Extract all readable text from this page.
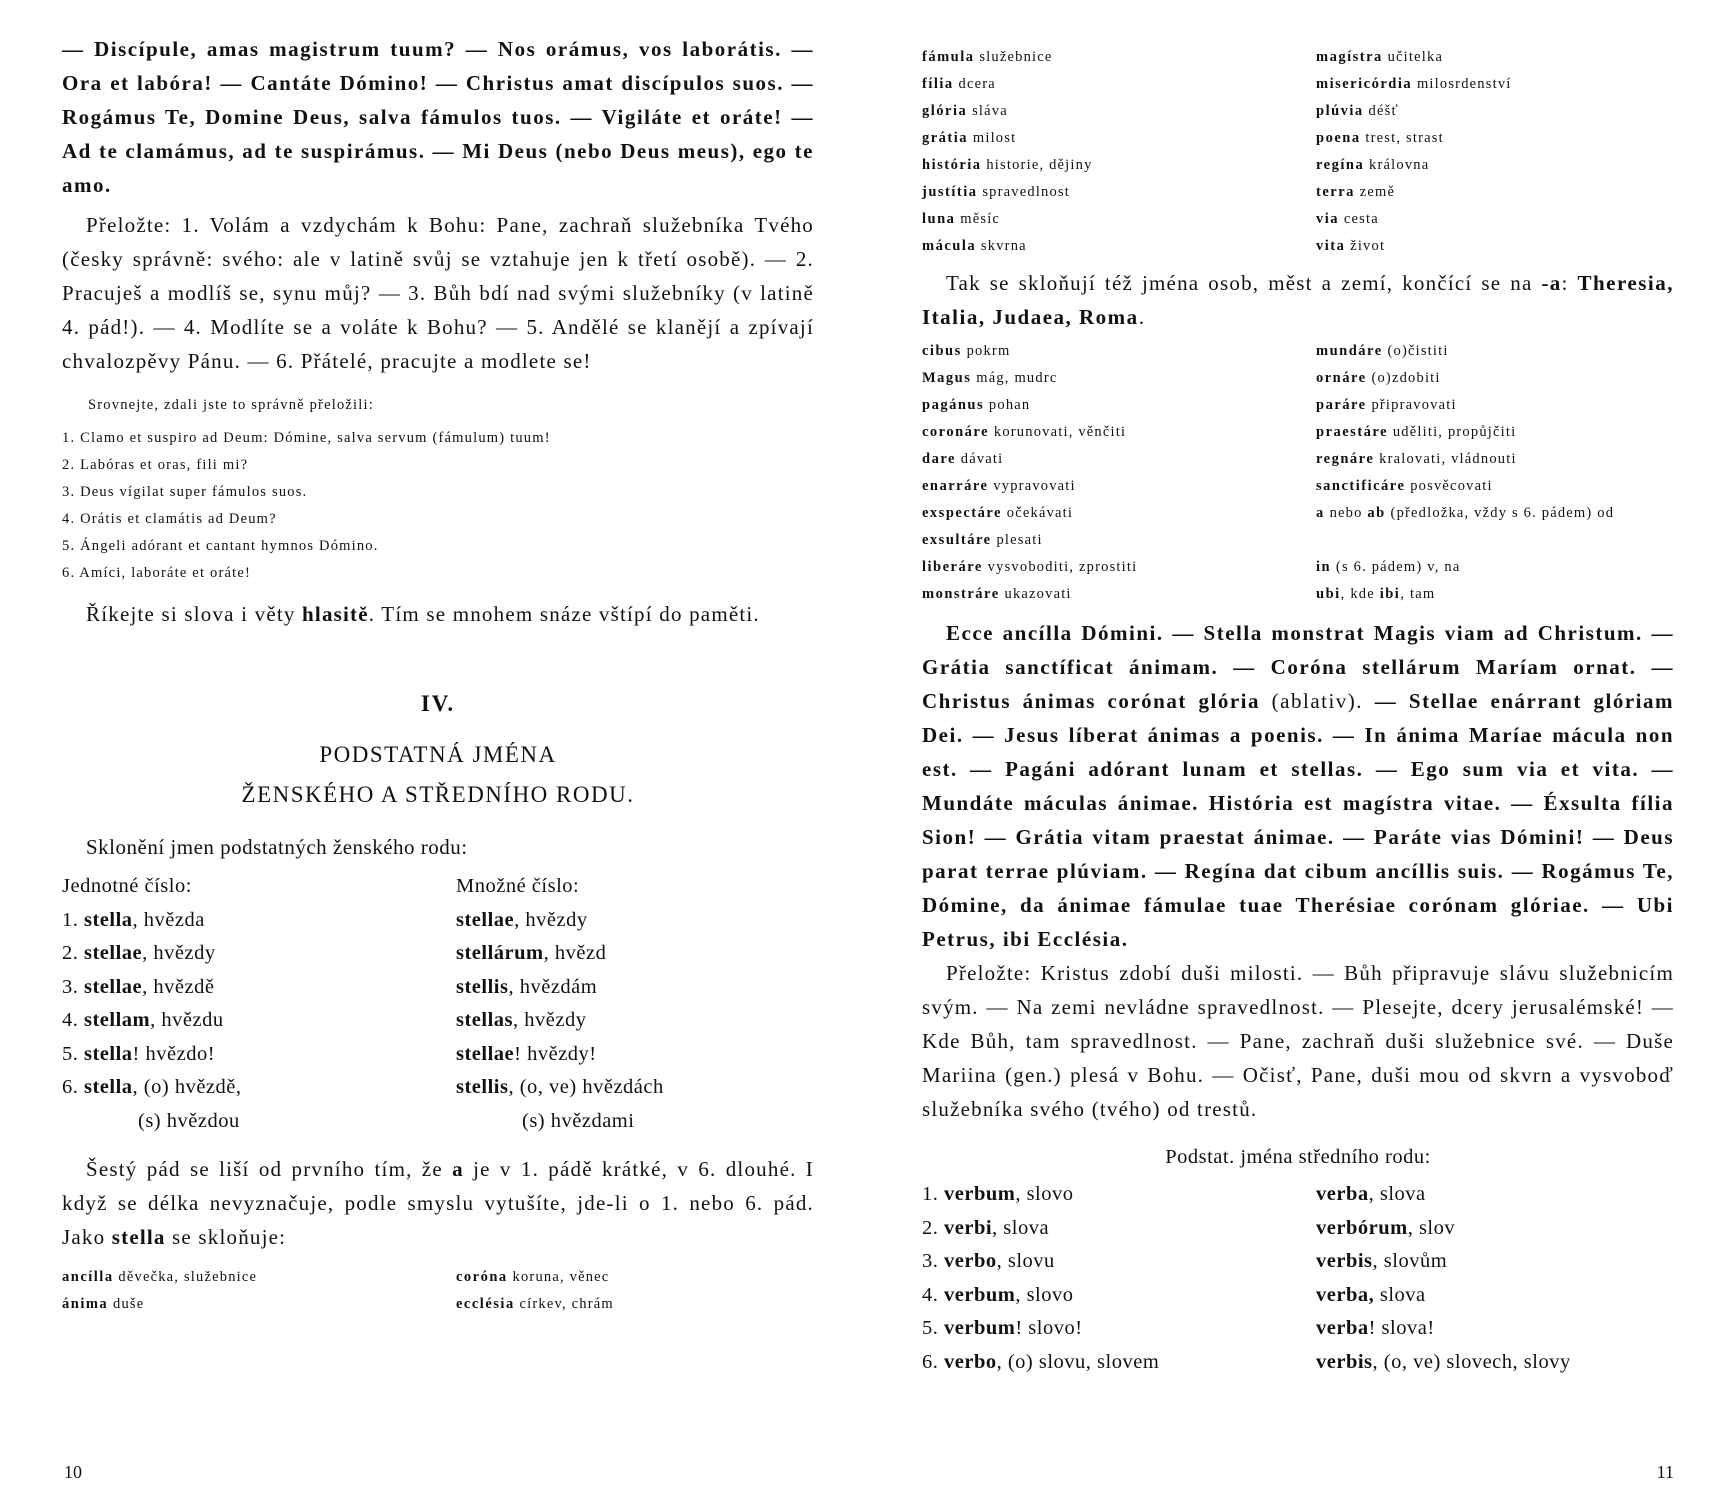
— Discípule, amas magistrum tuum? — Nos orámus, vos laborátis. — Ora et labóra! — Cantáte Dómino! — Christus amat discípulos suos. — Rogámus Te, Domine Deus, salva fámulos tuos. — Vigiláte et oráte! — Ad te clamámus, ad te suspirámus. — Mi Deus (nebo Deus meus), ego te amo.

Přeložte: 1. Volám a vzdychám k Bohu: Pane, zachraň služebníka Tvého (česky správně: svého: ale v latině svůj se vztahuje jen k třetí osobě). — 2. Pracuješ a modlíš se, synu můj? — 3. Bůh bdí nad svými služebníky (v latině 4. pád!). — 4. Modlíte se a voláte k Bohu? — 5. Andělé se klanějí a zpívají chvalozpěvy Pánu. — 6. Přátelé, pracujte a modlete se!

Srovnejte, zdali jste to správně přeložili:

1. Clamo et suspiro ad Deum: Dómine, salva servum (fámulum) tuum!
2. Labóras et oras, fili mi?
3. Deus vígilat super fámulos suos.
4. Orátis et clamátis ad Deum?
5. Ángeli adórant et cantant hymnos Dómino.
6. Amíci, laboráte et oráte!

Říkejte si slova i věty hlasitě. Tím se mnohem snáze vštípí do paměti.

IV.
PODSTATNÁ JMÉNA
ŽENSKÉHO A STŘEDNÍHO RODU.
Sklonění jmen podstatných ženského rodu:
Jednotné číslo:	Množné číslo:
1. stella, hvězda	stellae, hvězdy
2. stellae, hvězdy	stellárum, hvězd
3. stellae, hvězdě	stellis, hvězdám
4. stellam, hvězdu	stellas, hvězdy
5. stella! hvězdo!	stellae! hvězdy!
6. stella, (o) hvězdě,	stellis, (o, ve) hvězdách
(s) hvězdou	(s) hvězdami

Šestý pád se liší od prvního tím, že a je v 1. pádě krátké, v 6. dlouhé. I když se délka nevyznačuje, podle smyslu vytušíte, jde-li o 1. nebo 6. pád. Jako stella se skloňuje:

ancílla děvečka, služebnice	coróna koruna, věnec
ánima duše	ecclésia církev, chrám
10
fámula služebnice	magístra učitelka
fília dcera	misericórdia milosrdenství
glória sláva	plúvia déšť
grátia milost	poena trest, strast
história historie, dějiny	regína královna
justítia spravedlnost	terra země
luna měsíc	via cesta
mácula skvrna	vita život

Tak se skloňují též jména osob, měst a zemí, končící se na -a: Theresia, Italia, Judaea, Roma.

cibus pokrm	mundáre (o)čistiti
Magus mág, mudrc	ornáre (o)zdobiti
pagánus pohan	paráre připravovati
coronáre korunovati, věnčiti	praestáre uděliti, propůjčiti
dare dávati	regnáre kralovati, vládnouti
enarráre vypravovati	sanctificáre posvěcovati
exspectáre očekávati	a nebo ab (předložka, vždy s 6. pádem) od
exsultáre plesati

liberáre vysvoboditi, zprostiti	in (s 6. pádem) v, na
monstráre ukazovati	ubi, kde ibi, tam

Ecce ancílla Dómini. — Stella monstrat Magis viam ad Christum. — Grátia sanctíficat ánimam. — Coróna stellárum Maríam ornat. — Christus ánimas corónat glória (ablativ). — Stellae enárrant glóriam Dei. — Jesus líberat ánimas a poenis. — In ánima Maríae mácula non est. — Pagáni adórant lunam et stellas. — Ego sum via et vita. — Mundáte máculas ánimae. História est magístra vitae. — Éxsulta fília Sion! — Grátia vitam praestat ánimae. — Paráte vias Dómini! — Deus parat terrae plúviam. — Regína dat cibum ancíllis suis. — Rogámus Te, Dómine, da ánimae fámulae tuae Therésiae corónam glóriae. — Ubi Petrus, ibi Ecclésia.

Přeložte: Kristus zdobí duši milosti. — Bůh připravuje slávu služebnicím svým. — Na zemi nevládne spravedlnost. — Plesejte, dcery jerusalémské! — Kde Bůh, tam spravedlnost. — Pane, zachraň duši služebnice své. — Duše Mariina (gen.) plesá v Bohu. — Očisť, Pane, duši mou od skvrn a vysvoboď služebníka svého (tvého) od trestů.

Podstat. jména středního rodu:
1. verbum, slovo	verba, slova
2. verbi, slova	verbórum, slov
3. verbo, slovu	verbis, slovům
4. verbum, slovo	verba, slova
5. verbum! slovo!	verba! slova!
6. verbo, (o) slovu, slovem	verbis, (o, ve) slovech, slovy
11
